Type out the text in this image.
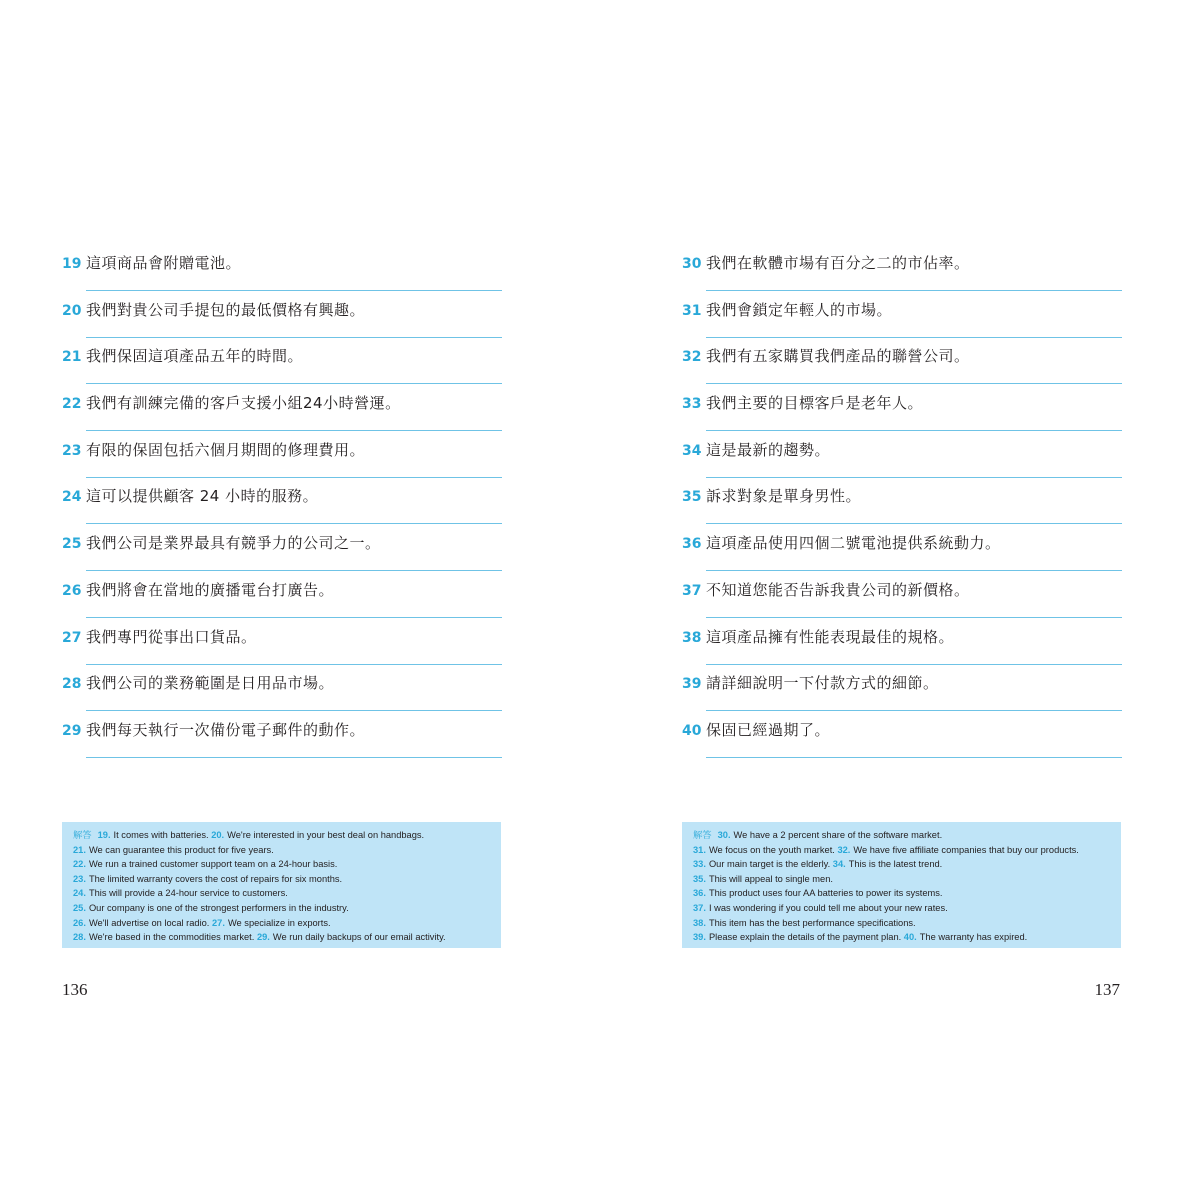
19 這項商品會附贈電池。
20 我們對貴公司手提包的最低價格有興趣。
21 我們保固這項產品五年的時間。
22 我們有訓練完備的客戶支援小組24小時營運。
23 有限的保固包括六個月期間的修理費用。
24 這可以提供顧客 24 小時的服務。
25 我們公司是業界最具有競爭力的公司之一。
26 我們將會在當地的廣播電台打廣告。
27 我們專門從事出口貨品。
28 我們公司的業務範圍是日用品市場。
29 我們每天執行一次備份電子郵件的動作。
解答 19. It comes with batteries. 20. We're interested in your best deal on handbags.
21. We can guarantee this product for five years.
22. We run a trained customer support team on a 24-hour basis.
23. The limited warranty covers the cost of repairs for six months.
24. This will provide a 24-hour service to customers.
25. Our company is one of the strongest performers in the industry.
26. We'll advertise on local radio. 27. We specialize in exports.
28. We're based in the commodities market. 29. We run daily backups of our email activity.
136
30 我們在軟體市場有百分之二的市佔率。
31 我們會鎖定年輕人的市場。
32 我們有五家購買我們產品的聯營公司。
33 我們主要的目標客戶是老年人。
34 這是最新的趨勢。
35 訴求對象是單身男性。
36 這項產品使用四個二號電池提供系統動力。
37 不知道您能否告訴我貴公司的新價格。
38 這項產品擁有性能表現最佳的規格。
39 請詳細說明一下付款方式的細節。
40 保固已經過期了。
解答 30. We have a 2 percent share of the software market.
31. We focus on the youth market. 32. We have five affiliate companies that buy our products.
33. Our main target is the elderly. 34. This is the latest trend.
35. This will appeal to single men.
36. This product uses four AA batteries to power its systems.
37. I was wondering if you could tell me about your new rates.
38. This item has the best performance specifications.
39. Please explain the details of the payment plan. 40. The warranty has expired.
137
